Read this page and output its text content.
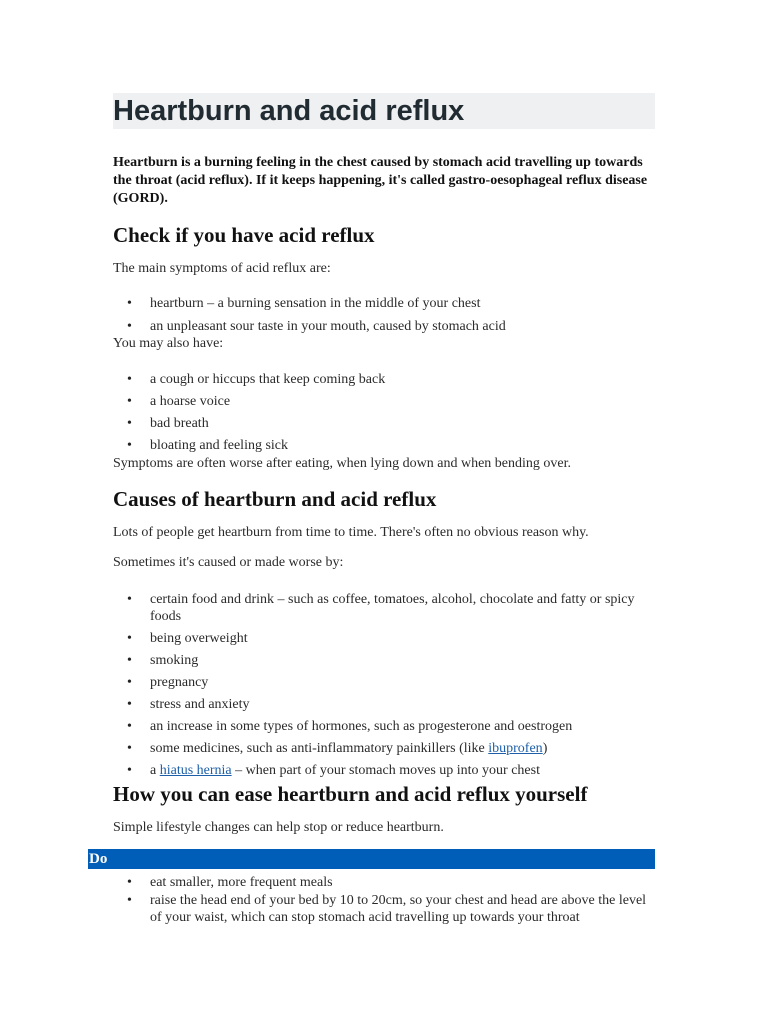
Heartburn and acid reflux

Heartburn is a burning feeling in the chest caused by stomach acid travelling up towards the throat (acid reflux). If it keeps happening, it's called gastro-oesophageal reflux disease (GORD).

Check if you have acid reflux

The main symptoms of acid reflux are:

• heartburn – a burning sensation in the middle of your chest
• an unpleasant sour taste in your mouth, caused by stomach acid

You may also have:

• a cough or hiccups that keep coming back
• a hoarse voice
• bad breath
• bloating and feeling sick

Symptoms are often worse after eating, when lying down and when bending over.

Causes of heartburn and acid reflux

Lots of people get heartburn from time to time. There's often no obvious reason why.

Sometimes it's caused or made worse by:

• certain food and drink – such as coffee, tomatoes, alcohol, chocolate and fatty or spicy foods
• being overweight
• smoking
• pregnancy
• stress and anxiety
• an increase in some types of hormones, such as progesterone and oestrogen
• some medicines, such as anti-inflammatory painkillers (like ibuprofen)
• a hiatus hernia – when part of your stomach moves up into your chest
How you can ease heartburn and acid reflux yourself

Simple lifestyle changes can help stop or reduce heartburn.

• eat smaller, more frequent meals
• raise the head end of your bed by 10 to 20cm, so your chest and head are above the level of your waist, which can stop stomach acid travelling up towards your throat

Do
